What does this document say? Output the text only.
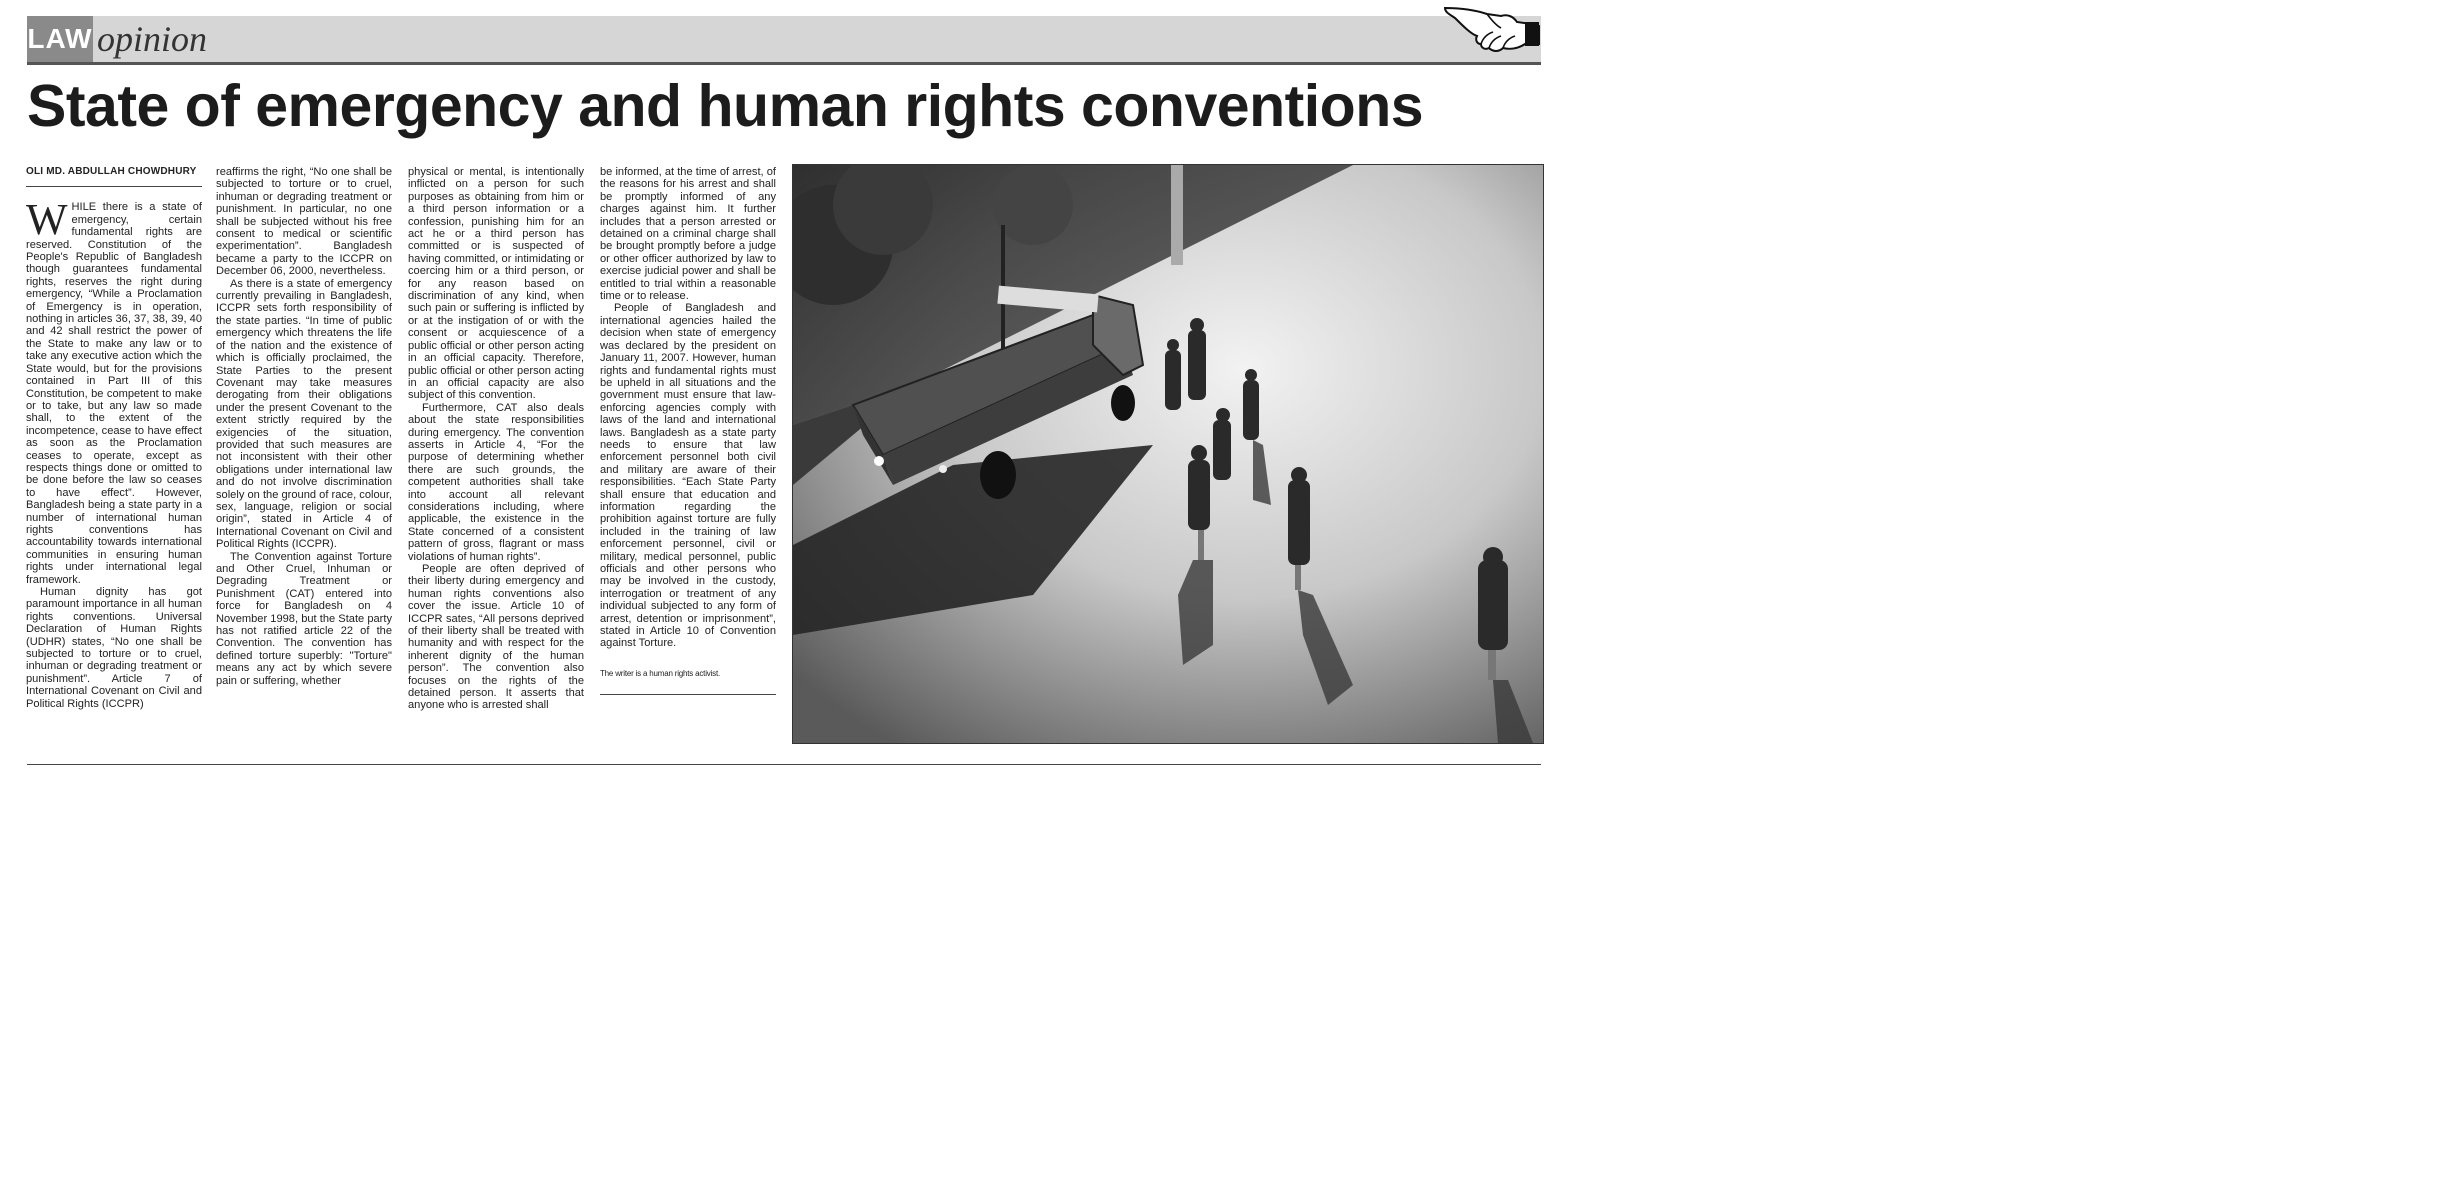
LAW opinion
State of emergency and human rights conventions
OLI MD. ABDULLAH CHOWDHURY

WHILE there is a state of emergency, certain fundamental rights are reserved. Constitution of the People's Republic of Bangladesh though guarantees fundamental rights, reserves the right during emergency, “While a Proclamation of Emergency is in operation, nothing in articles 36, 37, 38, 39, 40 and 42 shall restrict the power of the State to make any law or to take any executive action which the State would, but for the provisions contained in Part III of this Constitution, be competent to make or to take, but any law so made shall, to the extent of the incompetence, cease to have effect as soon as the Proclamation ceases to operate, except as respects things done or omitted to be done before the law so ceases to have effect”. However, Bangladesh being a state party in a number of international human rights conventions has accountability towards international communities in ensuring human rights under international legal framework.

Human dignity has got paramount importance in all human rights conventions. Universal Declaration of Human Rights (UDHR) states, “No one shall be subjected to torture or to cruel, inhuman or degrading treatment or punishment”. Article 7 of International Covenant on Civil and Political Rights (ICCPR)

reaffirms the right, “No one shall be subjected to torture or to cruel, inhuman or degrading treatment or punishment. In particular, no one shall be subjected without his free consent to medical or scientific experimentation”. Bangladesh became a party to the ICCPR on December 06, 2000, nevertheless.

As there is a state of emergency currently prevailing in Bangladesh, ICCPR sets forth responsibility of the state parties. “In time of public emergency which threatens the life of the nation and the existence of which is officially proclaimed, the State Parties to the present Covenant may take measures derogating from their obligations under the present Covenant to the extent strictly required by the exigencies of the situation, provided that such measures are not inconsistent with their other obligations under international law and do not involve discrimination solely on the ground of race, colour, sex, language, religion or social origin”, stated in Article 4 of International Covenant on Civil and Political Rights (ICCPR).

The Convention against Torture and Other Cruel, Inhuman or Degrading Treatment or Punishment (CAT) entered into force for Bangladesh on 4 November 1998, but the State party has not ratified article 22 of the Convention. The convention has defined torture superbly: "Torture" means any act by which severe pain or suffering, whether

physical or mental, is intentionally inflicted on a person for such purposes as obtaining from him or a third person information or a confession, punishing him for an act he or a third person has committed or is suspected of having committed, or intimidating or coercing him or a third person, or for any reason based on discrimination of any kind, when such pain or suffering is inflicted by or at the instigation of or with the consent or acquiescence of a public official or other person acting in an official capacity. Therefore, public official or other person acting in an official capacity are also subject of this convention.

Furthermore, CAT also deals about the state responsibilities during emergency. The convention asserts in Article 4, “For the purpose of determining whether there are such grounds, the competent authorities shall take into account all relevant considerations including, where applicable, the existence in the State concerned of a consistent pattern of gross, flagrant or mass violations of human rights”.

People are often deprived of their liberty during emergency and human rights conventions also cover the issue. Article 10 of ICCPR sates, “All persons deprived of their liberty shall be treated with humanity and with respect for the inherent dignity of the human person”. The convention also focuses on the rights of the detained person. It asserts that anyone who is arrested shall

be informed, at the time of arrest, of the reasons for his arrest and shall be promptly informed of any charges against him. It further includes that a person arrested or detained on a criminal charge shall be brought promptly before a judge or other officer authorized by law to exercise judicial power and shall be entitled to trial within a reasonable time or to release.

People of Bangladesh and international agencies hailed the decision when state of emergency was declared by the president on January 11, 2007. However, human rights and fundamental rights must be upheld in all situations and the government must ensure that law-enforcing agencies comply with laws of the land and international laws. Bangladesh as a state party needs to ensure that law enforcement personnel both civil and military are aware of their responsibilities. “Each State Party shall ensure that education and information regarding the prohibition against torture are fully included in the training of law enforcement personnel, civil or military, medical personnel, public officials and other persons who may be involved in the custody, interrogation or treatment of any individual subjected to any form of arrest, detention or imprisonment”, stated in Article 10 of Convention against Torture.

The writer is a human rights activist.
